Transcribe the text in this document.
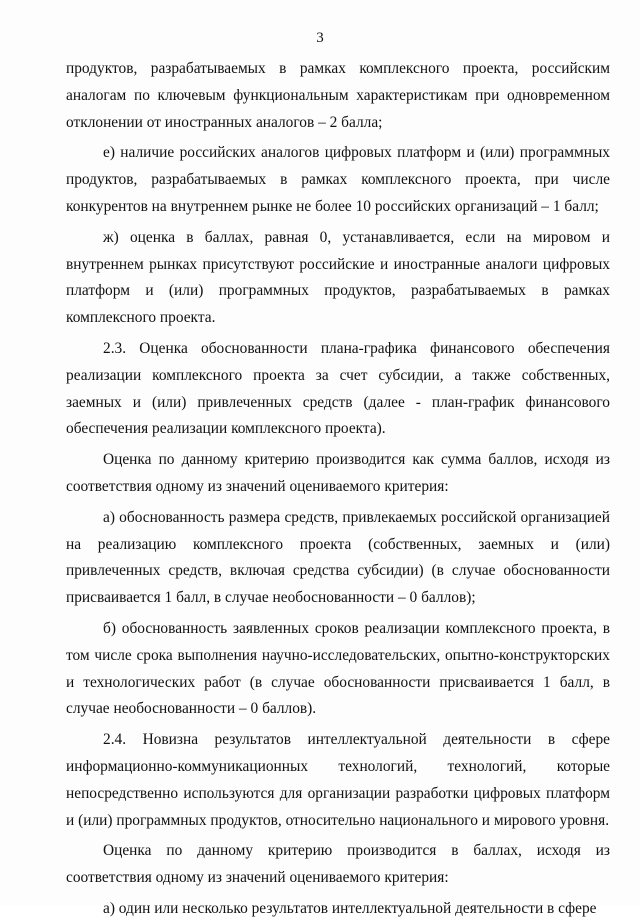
3

продуктов, разрабатываемых в рамках комплексного проекта, российским аналогам по ключевым функциональным характеристикам при одновременном отклонении от иностранных аналогов – 2 балла;

е) наличие российских аналогов цифровых платформ и (или) программных продуктов, разрабатываемых в рамках комплексного проекта, при числе конкурентов на внутреннем рынке не более 10 российских организаций – 1 балл;

ж) оценка в баллах, равная 0, устанавливается, если на мировом и внутреннем рынках присутствуют российские и иностранные аналоги цифровых платформ и (или) программных продуктов, разрабатываемых в рамках комплексного проекта.

2.3. Оценка обоснованности плана-графика финансового обеспечения реализации комплексного проекта за счет субсидии, а также собственных, заемных и (или) привлеченных средств (далее - план-график финансового обеспечения реализации комплексного проекта).

Оценка по данному критерию производится как сумма баллов, исходя из соответствия одному из значений оцениваемого критерия:

а) обоснованность размера средств, привлекаемых российской организацией на реализацию комплексного проекта (собственных, заемных и (или) привлеченных средств, включая средства субсидии) (в случае обоснованности присваивается 1 балл, в случае необоснованности – 0 баллов);

б) обоснованность заявленных сроков реализации комплексного проекта, в том числе срока выполнения научно-исследовательских, опытно-конструкторских и технологических работ (в случае обоснованности присваивается 1 балл, в случае необоснованности – 0 баллов).

2.4. Новизна результатов интеллектуальной деятельности в сфере информационно-коммуникационных технологий, технологий, которые непосредственно используются для организации разработки цифровых платформ и (или) программных продуктов, относительно национального и мирового уровня.

Оценка по данному критерию производится в баллах, исходя из соответствия одному из значений оцениваемого критерия:

а) один или несколько результатов интеллектуальной деятельности в сфере
